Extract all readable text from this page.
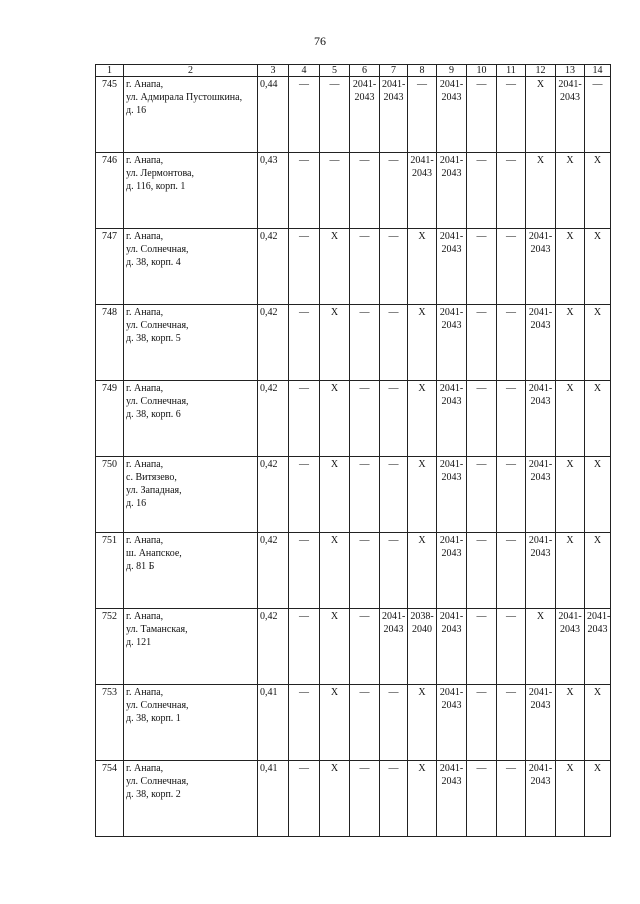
76
1	2	3	4	5	6	7	8	9	10	11	12	13	14
745	г. Анапа,
ул. Адмирала Пустошкина,
д. 16	0,44	—	—	2041-
2043	2041-
2043	—	2041-
2043	—	—	X	2041-
2043	—
746	г. Анапа,
ул. Лермонтова,
д. 116, корп. 1	0,43	—	—	—	—	2041-
2043	2041-
2043	—	—	X	X	X
747	г. Анапа,
ул. Солнечная,
д. 38, корп. 4	0,42	—	X	—	—	X	2041-
2043	—	—	2041-
2043	X	X
748	г. Анапа,
ул. Солнечная,
д. 38, корп. 5	0,42	—	X	—	—	X	2041-
2043	—	—	2041-
2043	X	X
749	г. Анапа,
ул. Солнечная,
д. 38, корп. 6	0,42	—	X	—	—	X	2041-
2043	—	—	2041-
2043	X	X
750	г. Анапа,
с. Витязево,
ул. Западная,
д. 16	0,42	—	X	—	—	X	2041-
2043	—	—	2041-
2043	X	X
751	г. Анапа,
ш. Анапское,
д. 81 Б	0,42	—	X	—	—	X	2041-
2043	—	—	2041-
2043	X	X
752	г. Анапа,
ул. Таманская,
д. 121	0,42	—	X	—	2041-
2043	2038-
2040	2041-
2043	—	—	X	2041-
2043	2041-
2043
753	г. Анапа,
ул. Солнечная,
д. 38, корп. 1	0,41	—	X	—	—	X	2041-
2043	—	—	2041-
2043	X	X
754	г. Анапа,
ул. Солнечная,
д. 38, корп. 2	0,41	—	X	—	—	X	2041-
2043	—	—	2041-
2043	X	X
